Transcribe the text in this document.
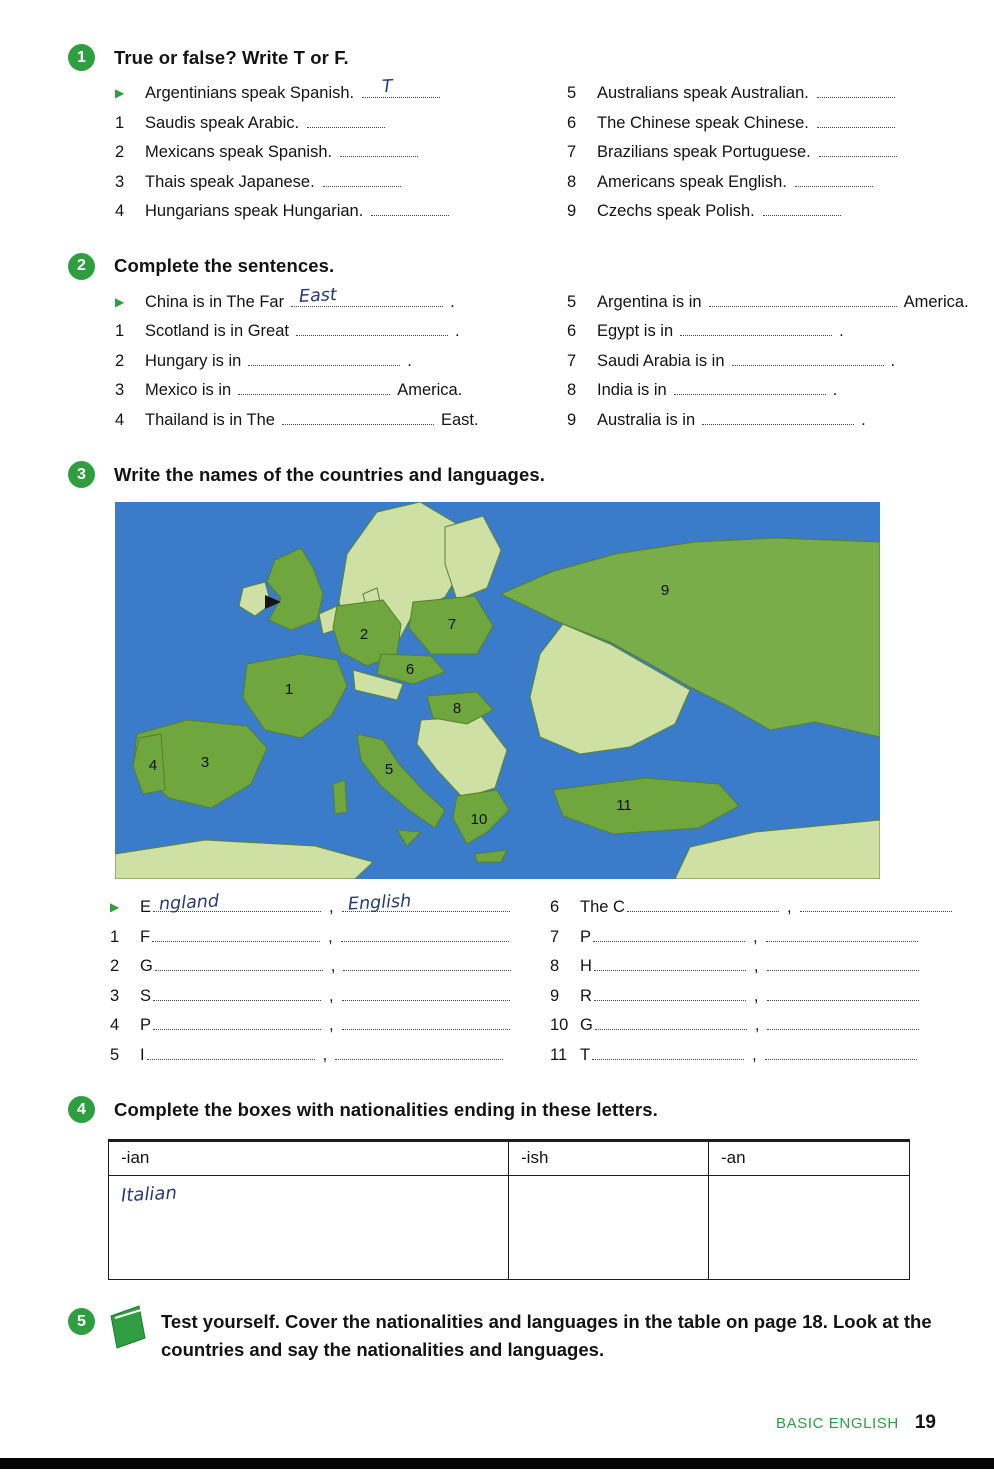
1	True or false? Write T or F.
▶	Argentinians speak Spanish. T
1	Saudis speak Arabic.
2	Mexicans speak Spanish.
3	Thais speak Japanese.
4	Hungarians speak Hungarian.
5	Australians speak Australian.
6	The Chinese speak Chinese.
7	Brazilians speak Portuguese.
8	Americans speak English.
9	Czechs speak Polish.
2	Complete the sentences.
▶	China is in The Far East	.
1	Scotland is in Great	.
2	Hungary is in	.
3	Mexico is in	America.
4	Thailand is in The	East.
5	Argentina is in	America.
6	Egypt is in	.
7	Saudi Arabia is in	.
8	India is in	.
9	Australia is in	.
3	Write the names of the countries and languages.
1
2
3
4	5
6
7
8
9
10
11
▶	E ngland	, English
1	F	,
2	G	,
3	S	,
4	P	,
5	I	,
6	The C	,
7	P	,
8	H	,
9	R	,
10 G	,
11 T	,
4	Complete the boxes with nationalities ending in these letters.
-ian	-ish	-an
Italian
5	Test yourself. Cover the nationalities and languages in the table on page 18. Look at the countries and say the nationalities and languages.
BASIC ENGLISH 19
